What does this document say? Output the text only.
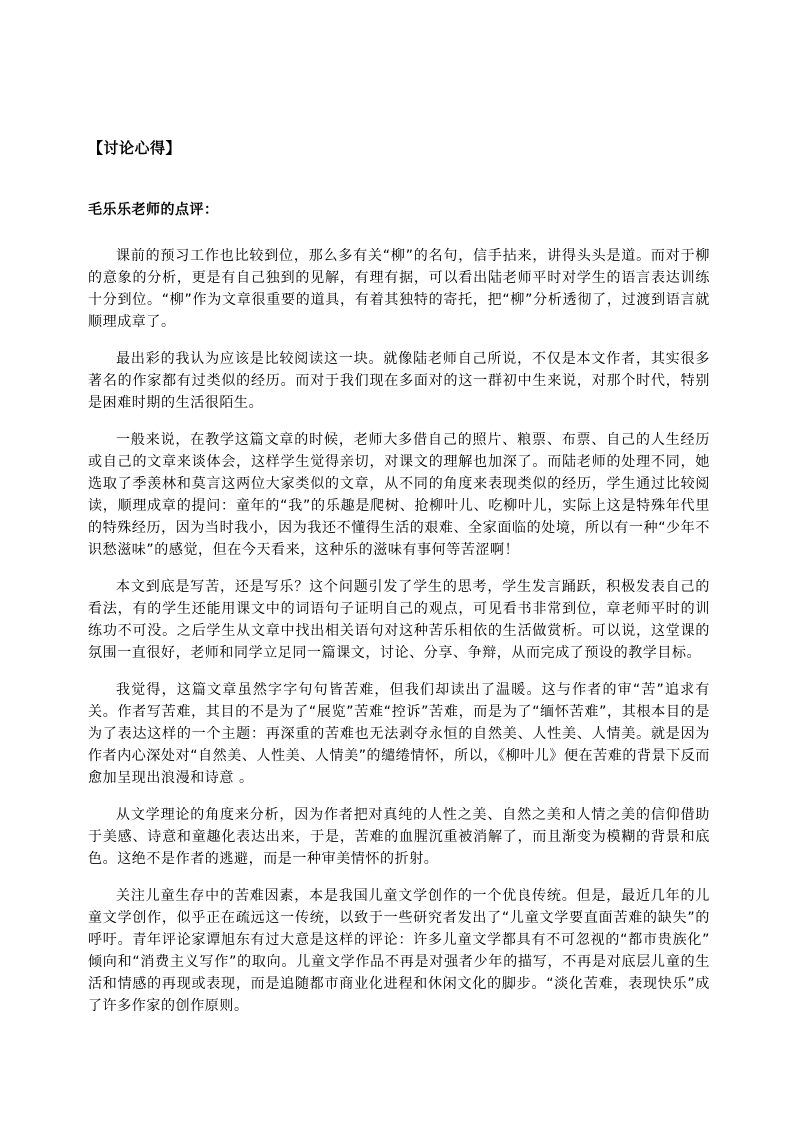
【讨论心得】
毛乐乐老师的点评：

课前的预习工作也比较到位，那么多有关“柳”的名句，信手拈来，讲得头头是道。而对于柳的意象的分析，更是有自己独到的见解，有理有据，可以看出陆老师平时对学生的语言表达训练十分到位。“柳”作为文章很重要的道具，有着其独特的寄托，把“柳”分析透彻了，过渡到语言就顺理成章了。

最出彩的我认为应该是比较阅读这一块。就像陆老师自己所说，不仅是本文作者，其实很多著名的作家都有过类似的经历。而对于我们现在多面对的这一群初中生来说，对那个时代，特别是困难时期的生活很陌生。

一般来说，在教学这篇文章的时候，老师大多借自己的照片、粮票、布票、自己的人生经历或自己的文章来谈体会，这样学生觉得亲切，对课文的理解也加深了。而陆老师的处理不同，她选取了季羡林和莫言这两位大家类似的文章，从不同的角度来表现类似的经历，学生通过比较阅读，顺理成章的提问：童年的“我”的乐趣是爬树、抢柳叶儿、吃柳叶儿，实际上这是特殊年代里的特殊经历，因为当时我小，因为我还不懂得生活的艰难、全家面临的处境，所以有一种“少年不识愁滋味”的感觉，但在今天看来，这种乐的滋味有事何等苦涩啊！

本文到底是写苦，还是写乐？这个问题引发了学生的思考，学生发言踊跃，积极发表自己的看法，有的学生还能用课文中的词语句子证明自己的观点，可见看书非常到位，章老师平时的训练功不可没。之后学生从文章中找出相关语句对这种苦乐相依的生活做赏析。可以说，这堂课的氛围一直很好，老师和同学立足同一篇课文，讨论、分享、争辩，从而完成了预设的教学目标。

我觉得，这篇文章虽然字字句句皆苦难，但我们却读出了温暖。这与作者的审“苦”追求有关。作者写苦难，其目的不是为了“展览”苦难“控诉”苦难，而是为了“缅怀苦难”，其根本目的是为了表达这样的一个主题：再深重的苦难也无法剥夺永恒的自然美、人性美、人情美。就是因为作者内心深处对“自然美、人性美、人情美”的缱绻情怀，所以，《柳叶儿》便在苦难的背景下反而愈加呈现出浪漫和诗意 。

从文学理论的角度来分析，因为作者把对真纯的人性之美、自然之美和人情之美的信仰借助于美感、诗意和童趣化表达出来，于是，苦难的血腥沉重被消解了，而且渐变为模糊的背景和底色。这绝不是作者的逃避，而是一种审美情怀的折射。

关注儿童生存中的苦难因素，本是我国儿童文学创作的一个优良传统。但是，最近几年的儿童文学创作，似乎正在疏远这一传统，以致于一些研究者发出了“儿童文学要直面苦难的缺失”的呼吁。青年评论家谭旭东有过大意是这样的评论：许多儿童文学都具有不可忽视的“都市贵族化”倾向和“消费主义写作”的取向。儿童文学作品不再是对强者少年的描写，不再是对底层儿童的生活和情感的再现或表现，而是追随都市商业化进程和休闲文化的脚步。“淡化苦难，表现快乐”成了许多作家的创作原则。
